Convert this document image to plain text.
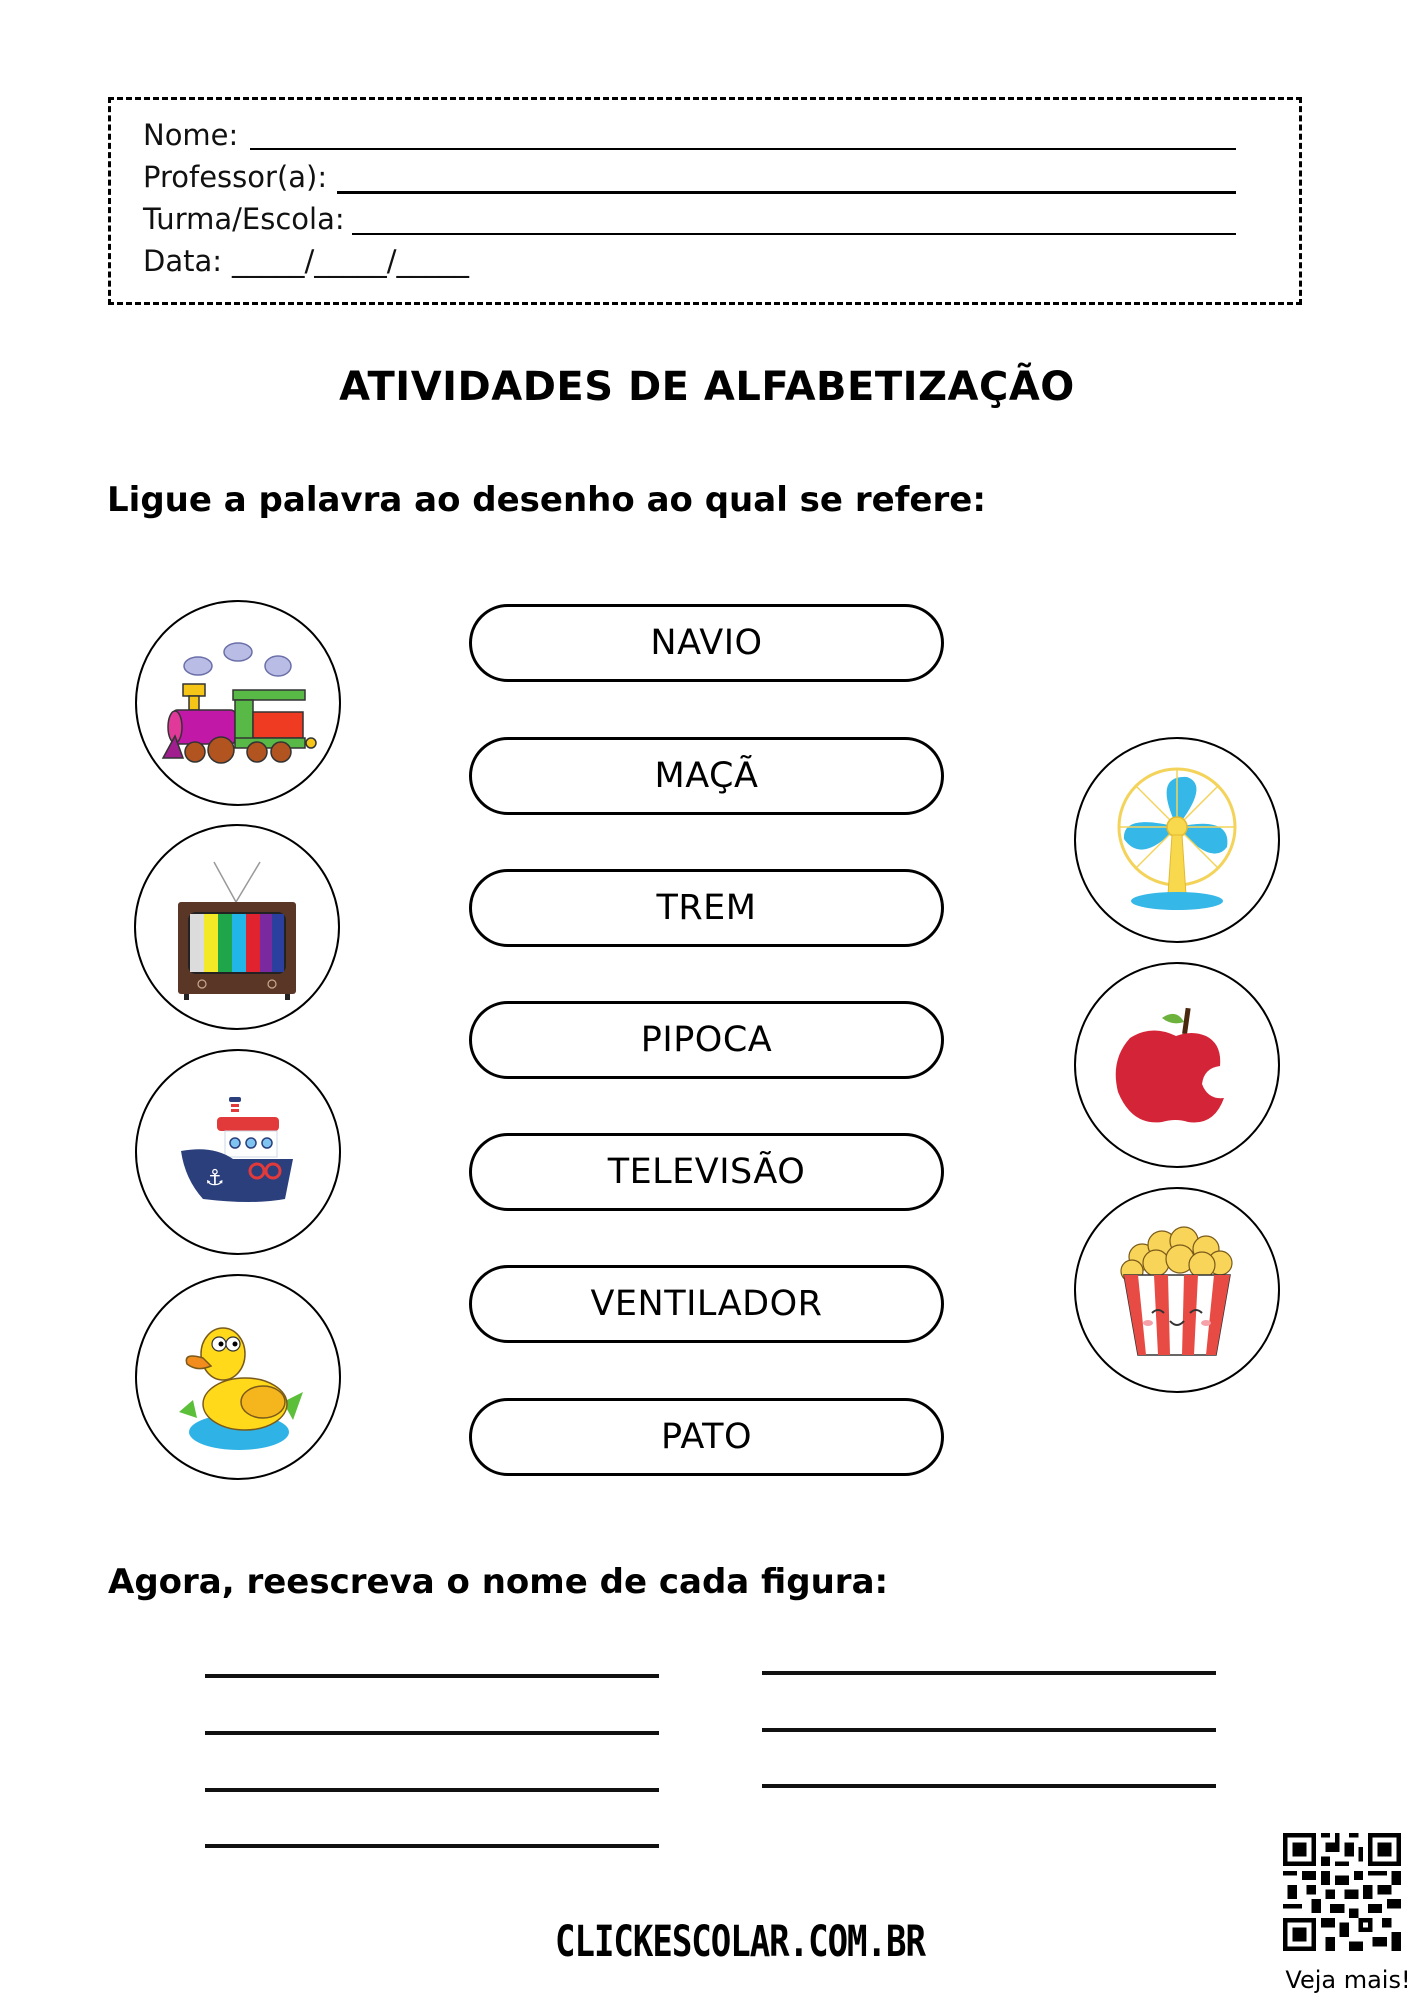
Nome:
Professor(a):
Turma/Escola:
Data: _____/_____/_____
ATIVIDADES DE ALFABETIZAÇÃO
Ligue a palavra ao desenho ao qual se refere:
⚓
NAVIO
MAÇÃ
TREM
PIPOCA
TELEVISÃO
VENTILADOR
PATO
Agora, reescreva o nome de cada figura:
CLICKESCOLAR.COM.BR
Veja mais!
